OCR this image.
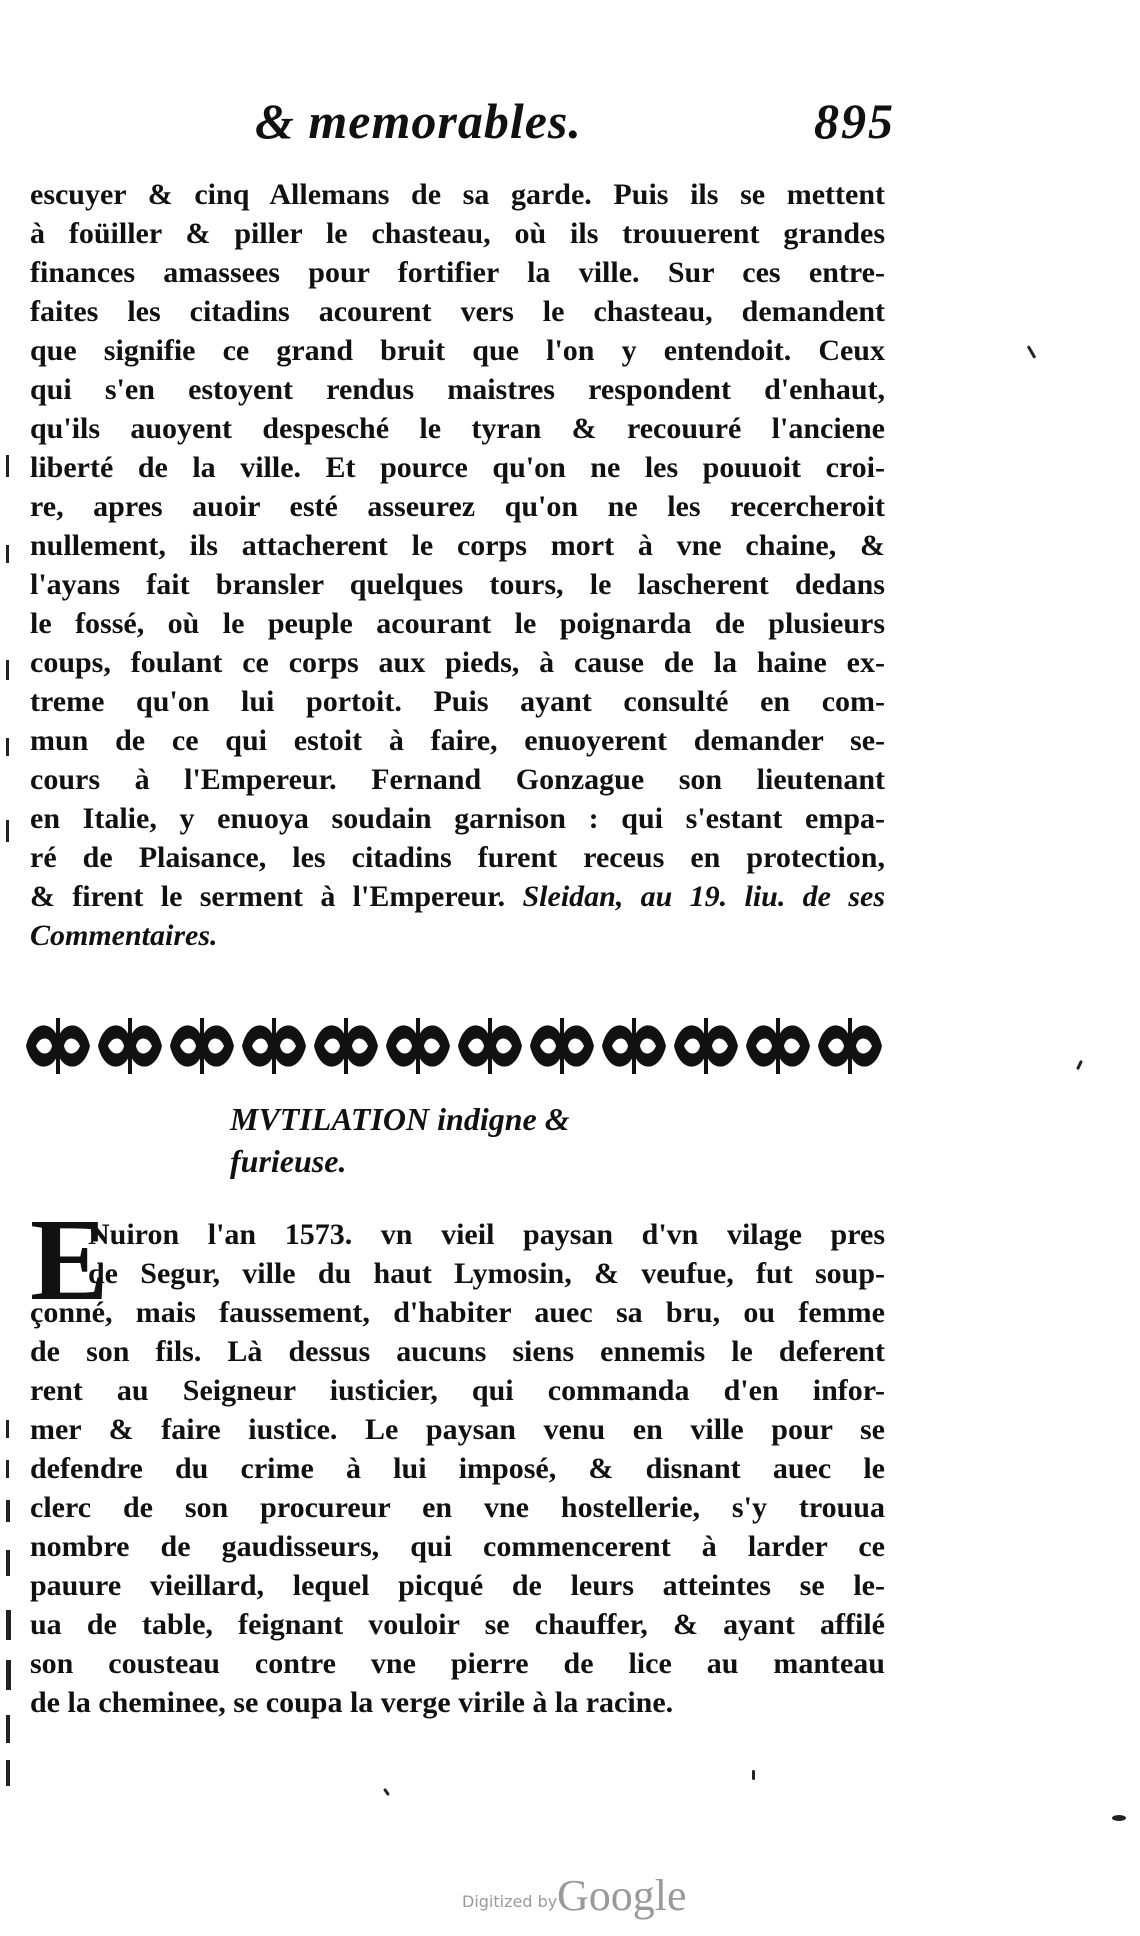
& memorables.	895
escuyer & cinq Allemans de sa garde. Puis ils se mettent
à foüiller & piller le chasteau, où ils trouuerent grandes
finances amassees pour fortifier la ville. Sur ces entre-
faites les citadins acourent vers le chasteau, demandent
que signifie ce grand bruit que l'on y entendoit. Ceux
qui s'en estoyent rendus maistres respondent d'enhaut,
qu'ils auoyent despesché le tyran & recouuré l'anciene
liberté de la ville. Et pource qu'on ne les pouuoit croi-
re, apres auoir esté asseurez qu'on ne les recercheroit
nullement, ils attacherent le corps mort à vne chaine, &
l'ayans fait bransler quelques tours, le lascherent dedans
le fossé, où le peuple acourant le poignarda de plusieurs
coups, foulant ce corps aux pieds, à cause de la haine ex-
treme qu'on lui portoit. Puis ayant consulté en com-
mun de ce qui estoit à faire, enuoyerent demander se-
cours à l'Empereur. Fernand Gonzague son lieutenant
en Italie, y enuoya soudain garnison : qui s'estant empa-
ré de Plaisance, les citadins furent receus en protection,
& firent le serment à l'Empereur. Sleidan, au 19. liu. de ses
Commentaires.
MVTILATION indigne &
furieuse.
E
Nuiron l'an 1573. vn vieil paysan d'vn vilage pres
de Segur, ville du haut Lymosin, & veufue, fut soup-
çonné, mais faussement, d'habiter auec sa bru, ou femme
de son fils. Là dessus aucuns siens ennemis le deferent
rent au Seigneur iusticier, qui commanda d'en infor-
mer & faire iustice. Le paysan venu en ville pour se
defendre du crime à lui imposé, & disnant auec le
clerc de son procureur en vne hostellerie, s'y trouua
nombre de gaudisseurs, qui commencerent à larder ce
pauure vieillard, lequel picqué de leurs atteintes se le-
ua de table, feignant vouloir se chauffer, & ayant affilé
son cousteau contre vne pierre de lice au manteau
de la cheminee, se coupa la verge virile à la racine.
Digitized by Google
